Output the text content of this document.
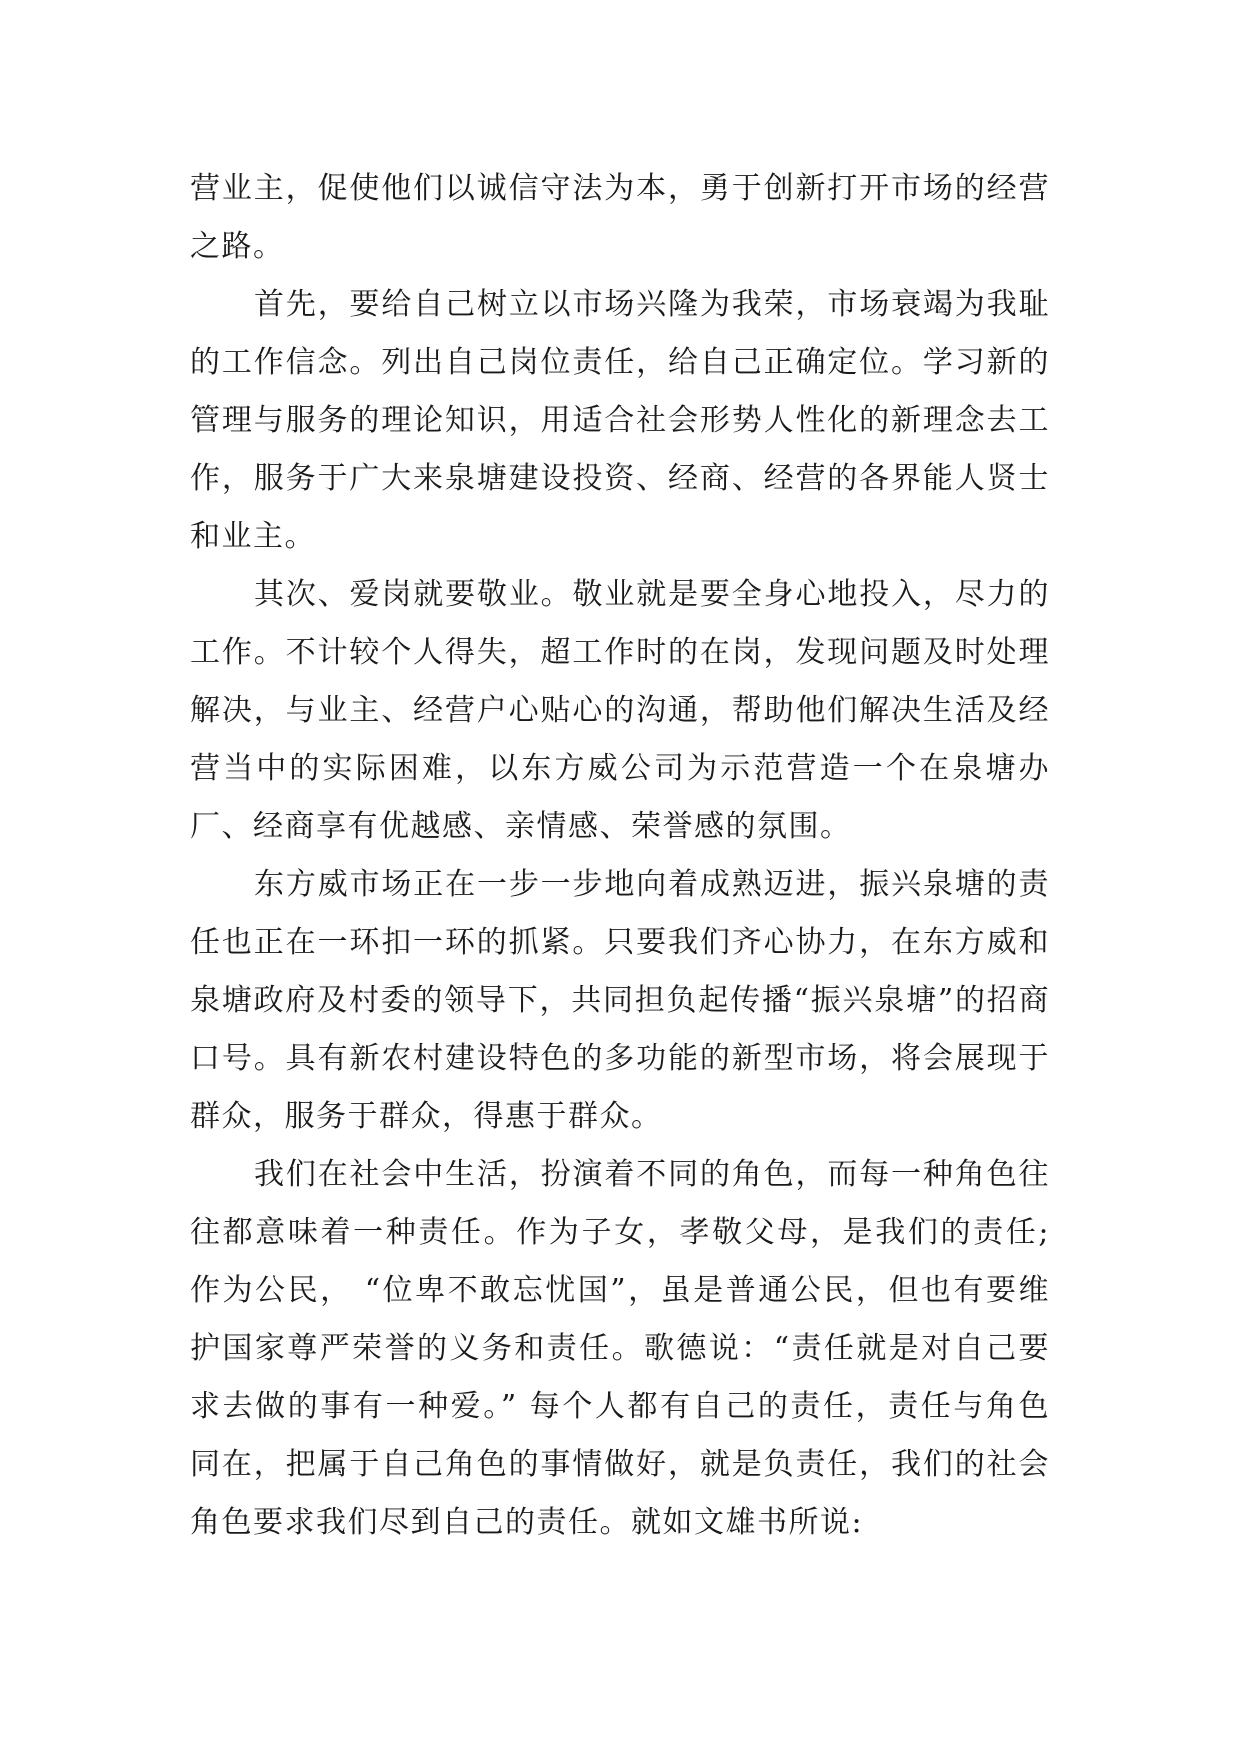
营业主，促使他们以诚信守法为本，勇于创新打开市场的经营之路。

首先，要给自己树立以市场兴隆为我荣，市场衰竭为我耻的工作信念。列出自己岗位责任，给自己正确定位。学习新的管理与服务的理论知识，用适合社会形势人性化的新理念去工作，服务于广大来泉塘建设投资、经商、经营的各界能人贤士和业主。

其次、爱岗就要敬业。敬业就是要全身心地投入，尽力的工作。不计较个人得失，超工作时的在岗，发现问题及时处理解决，与业主、经营户心贴心的沟通，帮助他们解决生活及经营当中的实际困难，以东方威公司为示范营造一个在泉塘办厂、经商享有优越感、亲情感、荣誉感的氛围。

东方威市场正在一步一步地向着成熟迈进，振兴泉塘的责任也正在一环扣一环的抓紧。只要我们齐心协力，在东方威和泉塘政府及村委的领导下，共同担负起传播“振兴泉塘”的招商口号。具有新农村建设特色的多功能的新型市场，将会展现于群众，服务于群众，得惠于群众。

我们在社会中生活，扮演着不同的角色，而每一种角色往往都意味着一种责任。作为子女，孝敬父母，是我们的责任;作为公民， “位卑不敢忘忧国”，虽是普通公民，但也有要维护国家尊严荣誉的义务和责任。歌德说：“责任就是对自己要求去做的事有一种爱。” 每个人都有自己的责任，责任与角色同在，把属于自己角色的事情做好，就是负责任，我们的社会角色要求我们尽到自己的责任。就如文雄书所说:
